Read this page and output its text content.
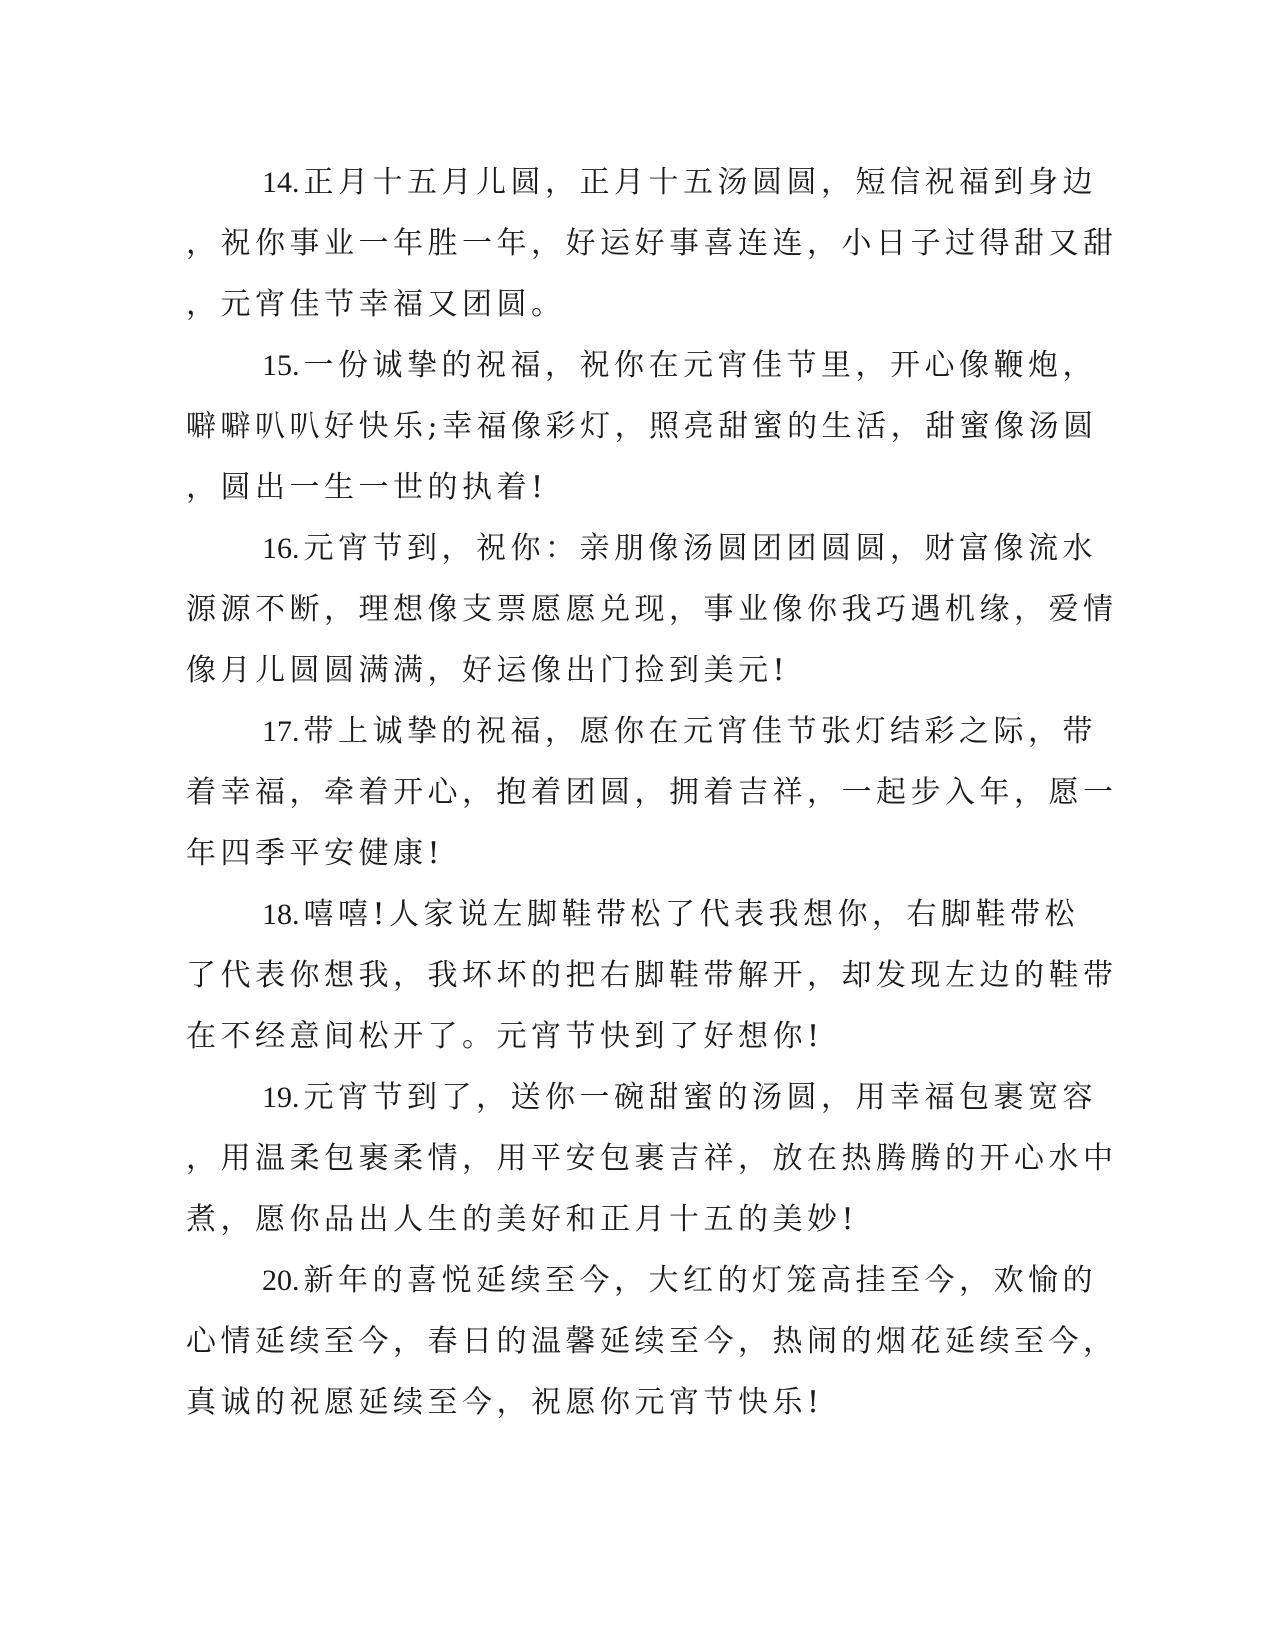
14. 正月十五月儿圆，正月十五汤圆圆，短信祝福到身边
，祝你事业一年胜一年，好运好事喜连连，小日子过得甜又甜
，元宵佳节幸福又团圆。

15. 一份诚挚的祝福，祝你在元宵佳节里，开心像鞭炮，
噼噼叭叭好快乐;幸福像彩灯，照亮甜蜜的生活，甜蜜像汤圆
，圆出一生一世的执着!

16. 元宵节到，祝你：亲朋像汤圆团团圆圆，财富像流水
源源不断，理想像支票愿愿兑现，事业像你我巧遇机缘，爱情
像月儿圆圆满满，好运像出门捡到美元!

17. 带上诚挚的祝福，愿你在元宵佳节张灯结彩之际，带
着幸福，牵着开心，抱着团圆，拥着吉祥，一起步入年，愿一
年四季平安健康!

18. 嘻嘻!人家说左脚鞋带松了代表我想你，右脚鞋带松
了代表你想我，我坏坏的把右脚鞋带解开，却发现左边的鞋带
在不经意间松开了。元宵节快到了好想你!

19. 元宵节到了，送你一碗甜蜜的汤圆，用幸福包裹宽容
，用温柔包裹柔情，用平安包裹吉祥，放在热腾腾的开心水中
煮，愿你品出人生的美好和正月十五的美妙!

20. 新年的喜悦延续至今，大红的灯笼高挂至今，欢愉的
心情延续至今，春日的温馨延续至今，热闹的烟花延续至今，
真诚的祝愿延续至今，祝愿你元宵节快乐!
